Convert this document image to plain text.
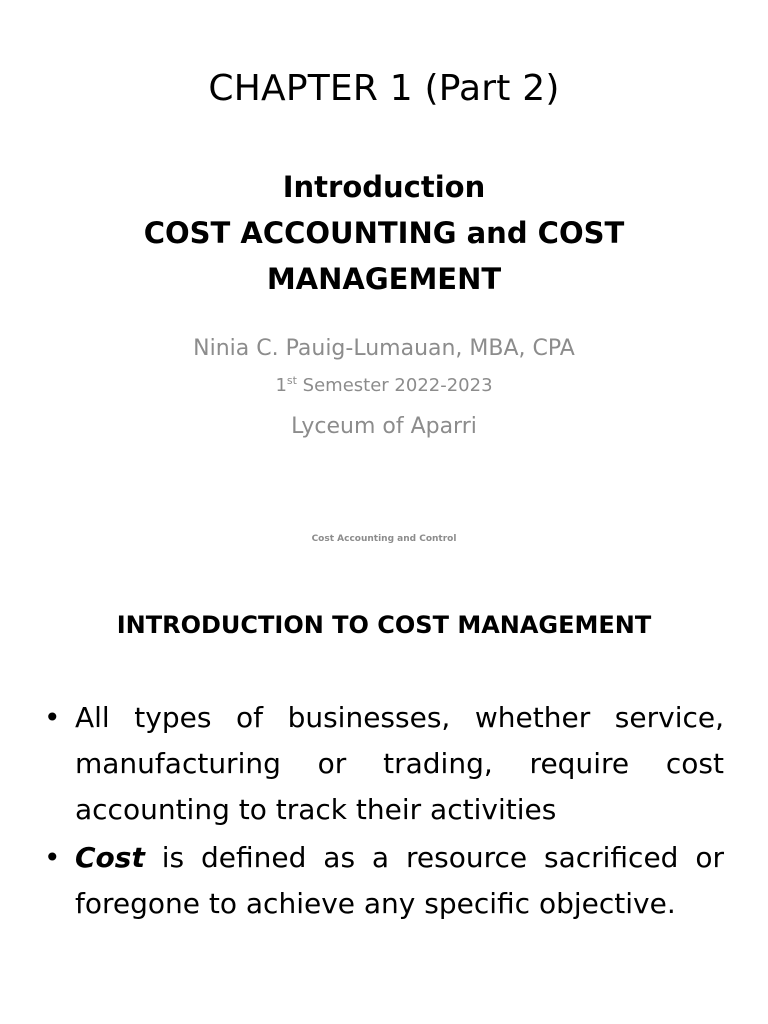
CHAPTER 1 (Part 2)
Introduction
COST ACCOUNTING and COST
MANAGEMENT

Ninia C. Pauig-Lumauan, MBA, CPA

1st Semester 2022-2023

Lyceum of Aparri

Cost Accounting and Control

INTRODUCTION TO COST MANAGEMENT
• All types of businesses, whether service, manufacturing or trading, require cost accounting to track their activities
• Cost is defined as a resource sacrificed or foregone to achieve any specific objective.
